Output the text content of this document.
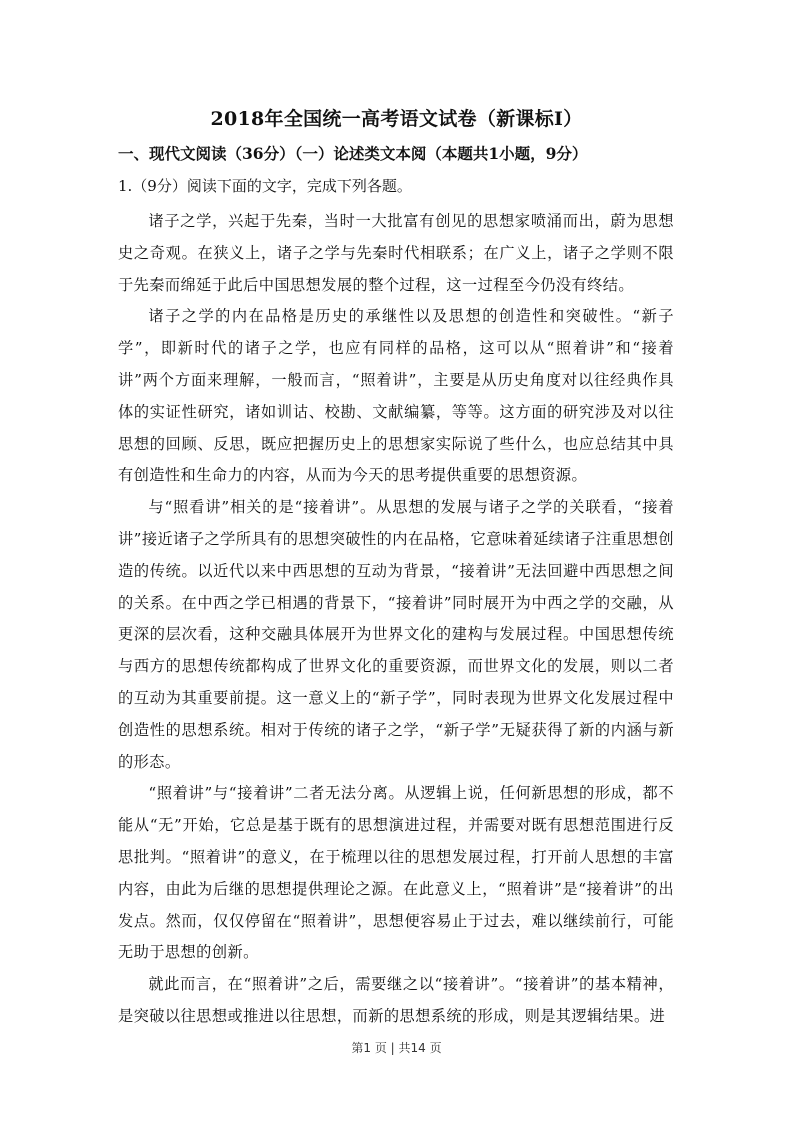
2018年全国统一高考语文试卷（新课标I）
一、现代文阅读（36分）（一）论述类文本阅（本题共1小题，9分）
1.（9分）阅读下面的文字，完成下列各题。

诸子之学，兴起于先秦，当时一大批富有创见的思想家喷涌而出，蔚为思想史之奇观。在狭义上，诸子之学与先秦时代相联系；在广义上，诸子之学则不限于先秦而绵延于此后中国思想发展的整个过程，这一过程至今仍没有终结。

诸子之学的内在品格是历史的承继性以及思想的创造性和突破性。“新子学”，即新时代的诸子之学，也应有同样的品格，这可以从“照着讲”和“接着讲”两个方面来理解，一般而言，“照着讲”，主要是从历史角度对以往经典作具体的实证性研究，诸如训诂、校勘、文献编纂，等等。这方面的研究涉及对以往思想的回顾、反思，既应把握历史上的思想家实际说了些什么，也应总结其中具有创造性和生命力的内容，从而为今天的思考提供重要的思想资源。

与“照看讲”相关的是“接着讲”。从思想的发展与诸子之学的关联看，“接着讲”接近诸子之学所具有的思想突破性的内在品格，它意味着延续诸子注重思想创造的传统。以近代以来中西思想的互动为背景，“接着讲”无法回避中西思想之间的关系。在中西之学已相遇的背景下，“接着讲”同时展开为中西之学的交融，从更深的层次看，这种交融具体展开为世界文化的建构与发展过程。中国思想传统与西方的思想传统都构成了世界文化的重要资源，而世界文化的发展，则以二者的互动为其重要前提。这一意义上的“新子学”，同时表现为世界文化发展过程中创造性的思想系统。相对于传统的诸子之学，“新子学”无疑获得了新的内涵与新的形态。

“照着讲”与“接着讲”二者无法分离。从逻辑上说，任何新思想的形成，都不能从“无”开始，它总是基于既有的思想演进过程，并需要对既有思想范围进行反思批判。“照着讲”的意义，在于梳理以往的思想发展过程，打开前人思想的丰富内容，由此为后继的思想提供理论之源。在此意义上，“照着讲”是“接着讲”的出发点。然而，仅仅停留在“照着讲”，思想便容易止于过去，难以继续前行，可能无助于思想的创新。

就此而言，在“照着讲”之后，需要继之以“接着讲”。“接着讲”的基本精神，是突破以往思想或推进以往思想，而新的思想系统的形成，则是其逻辑结果。进

第1 页 | 共14 页
